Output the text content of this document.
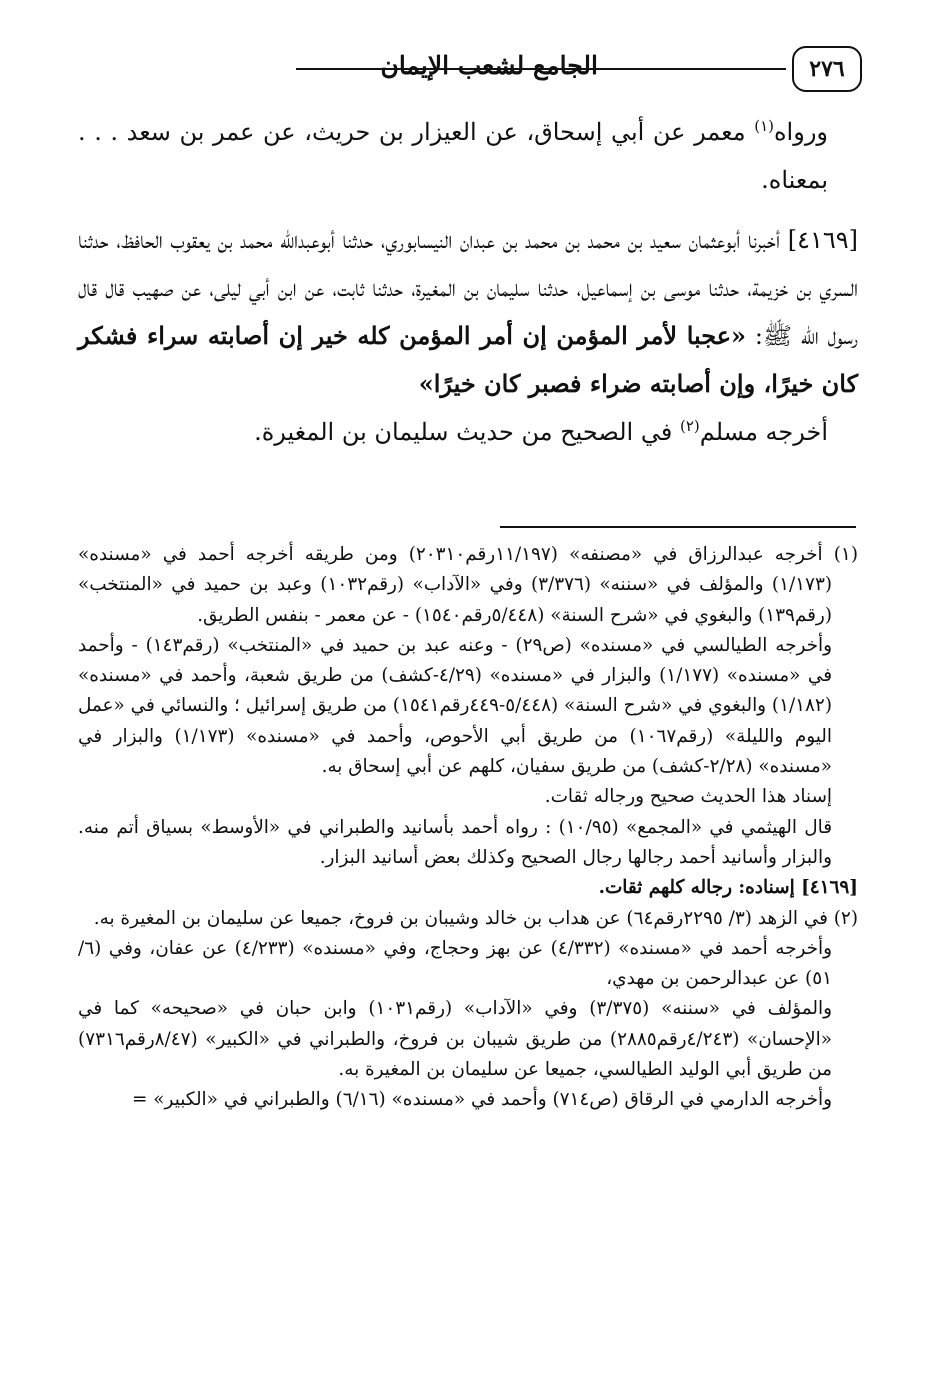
٢٧٦
الجامع لشعب الإيمان

ورواه$^{(١)}$ معمر عن أبي إسحاق، عن العيزار بن حريث، عن عمر بن سعد . . . بمعناه.

[٤١٦٩] أخبرنا أبوعثمان سعيد بن محمد بن محمد بن عبدان النيسابوري، حدثنا أبوعبدالله محمد بن يعقوب الحافظ، حدثنا السري بن خزيمة، حدثنا موسى بن إسماعيل، حدثنا سليمان بن المغيرة، حدثنا ثابت، عن ابن أبي ليلى، عن صهيب قال قال رسول الله ﷺ: «عجبا لأمر المؤمن إن أمر المؤمن كله خير إن أصابته سراء فشكر كان خيرًا، وإن أصابته ضراء فصبر كان خيرًا»

أخرجه مسلم$^{(٢)}$ في الصحيح من حديث سليمان بن المغيرة.

(١) أخرجه عبدالرزاق في «مصنفه» (١١/١٩٧رقم٢٠٣١٠) ومن طريقه أخرجه أحمد في «مسنده» (١/١٧٣) والمؤلف في «سننه» (٣/٣٧٦) وفي «الآداب» (رقم١٠٣٢) وعبد بن حميد في «المنتخب» (رقم١٣٩) والبغوي في «شرح السنة» (٥/٤٤٨رقم١٥٤٠) - عن معمر - بنفس الطريق.

وأخرجه الطيالسي في «مسنده» (ص٢٩) - وعنه عبد بن حميد في «المنتخب» (رقم١٤٣) - وأحمد في «مسنده» (١/١٧٧) والبزار في «مسنده» (٤/٢٩-كشف) من طريق شعبة، وأحمد في «مسنده» (١/١٨٢) والبغوي في «شرح السنة» (٥/٤٤٨-٤٤٩رقم١٥٤١) من طريق إسرائيل ؛ والنسائي في «عمل اليوم والليلة» (رقم١٠٦٧) من طريق أبي الأحوص، وأحمد في «مسنده» (١/١٧٣) والبزار في «مسنده» (٢/٢٨-كشف) من طريق سفيان، كلهم عن أبي إسحاق به.

إسناد هذا الحديث صحيح ورجاله ثقات.

قال الهيثمي في «المجمع» (١٠/٩٥) : رواه أحمد بأسانيد والطبراني في «الأوسط» بسياق أتم منه. والبزار وأسانيد أحمد رجالها رجال الصحيح وكذلك بعض أسانيد البزار.

[٤١٦٩] إسناده: رجاله كلهم ثقات.

(٢) في الزهد (٣/ ٢٢٩٥رقم٦٤) عن هداب بن خالد وشيبان بن فروخ، جميعا عن سليمان بن المغيرة به.

وأخرجه أحمد في «مسنده» (٤/٣٣٢) عن بهز وحجاج، وفي «مسنده» (٤/٢٣٣) عن عفان، وفي (٦/ ٥١) عن عبدالرحمن بن مهدي،

والمؤلف في «سننه» (٣/٣٧٥) وفي «الآداب» (رقم١٠٣١) وابن حبان في «صحيحه» كما في «الإحسان» (٤/٢٤٣رقم٢٨٨٥) من طريق شيبان بن فروخ، والطبراني في «الكبير» (٨/٤٧رقم٧٣١٦) من طريق أبي الوليد الطيالسي، جميعا عن سليمان بن المغيرة به.

وأخرجه الدارمي في الرقاق (ص٧١٤) وأحمد في «مسنده» (٦/١٦) والطبراني في «الكبير» =
